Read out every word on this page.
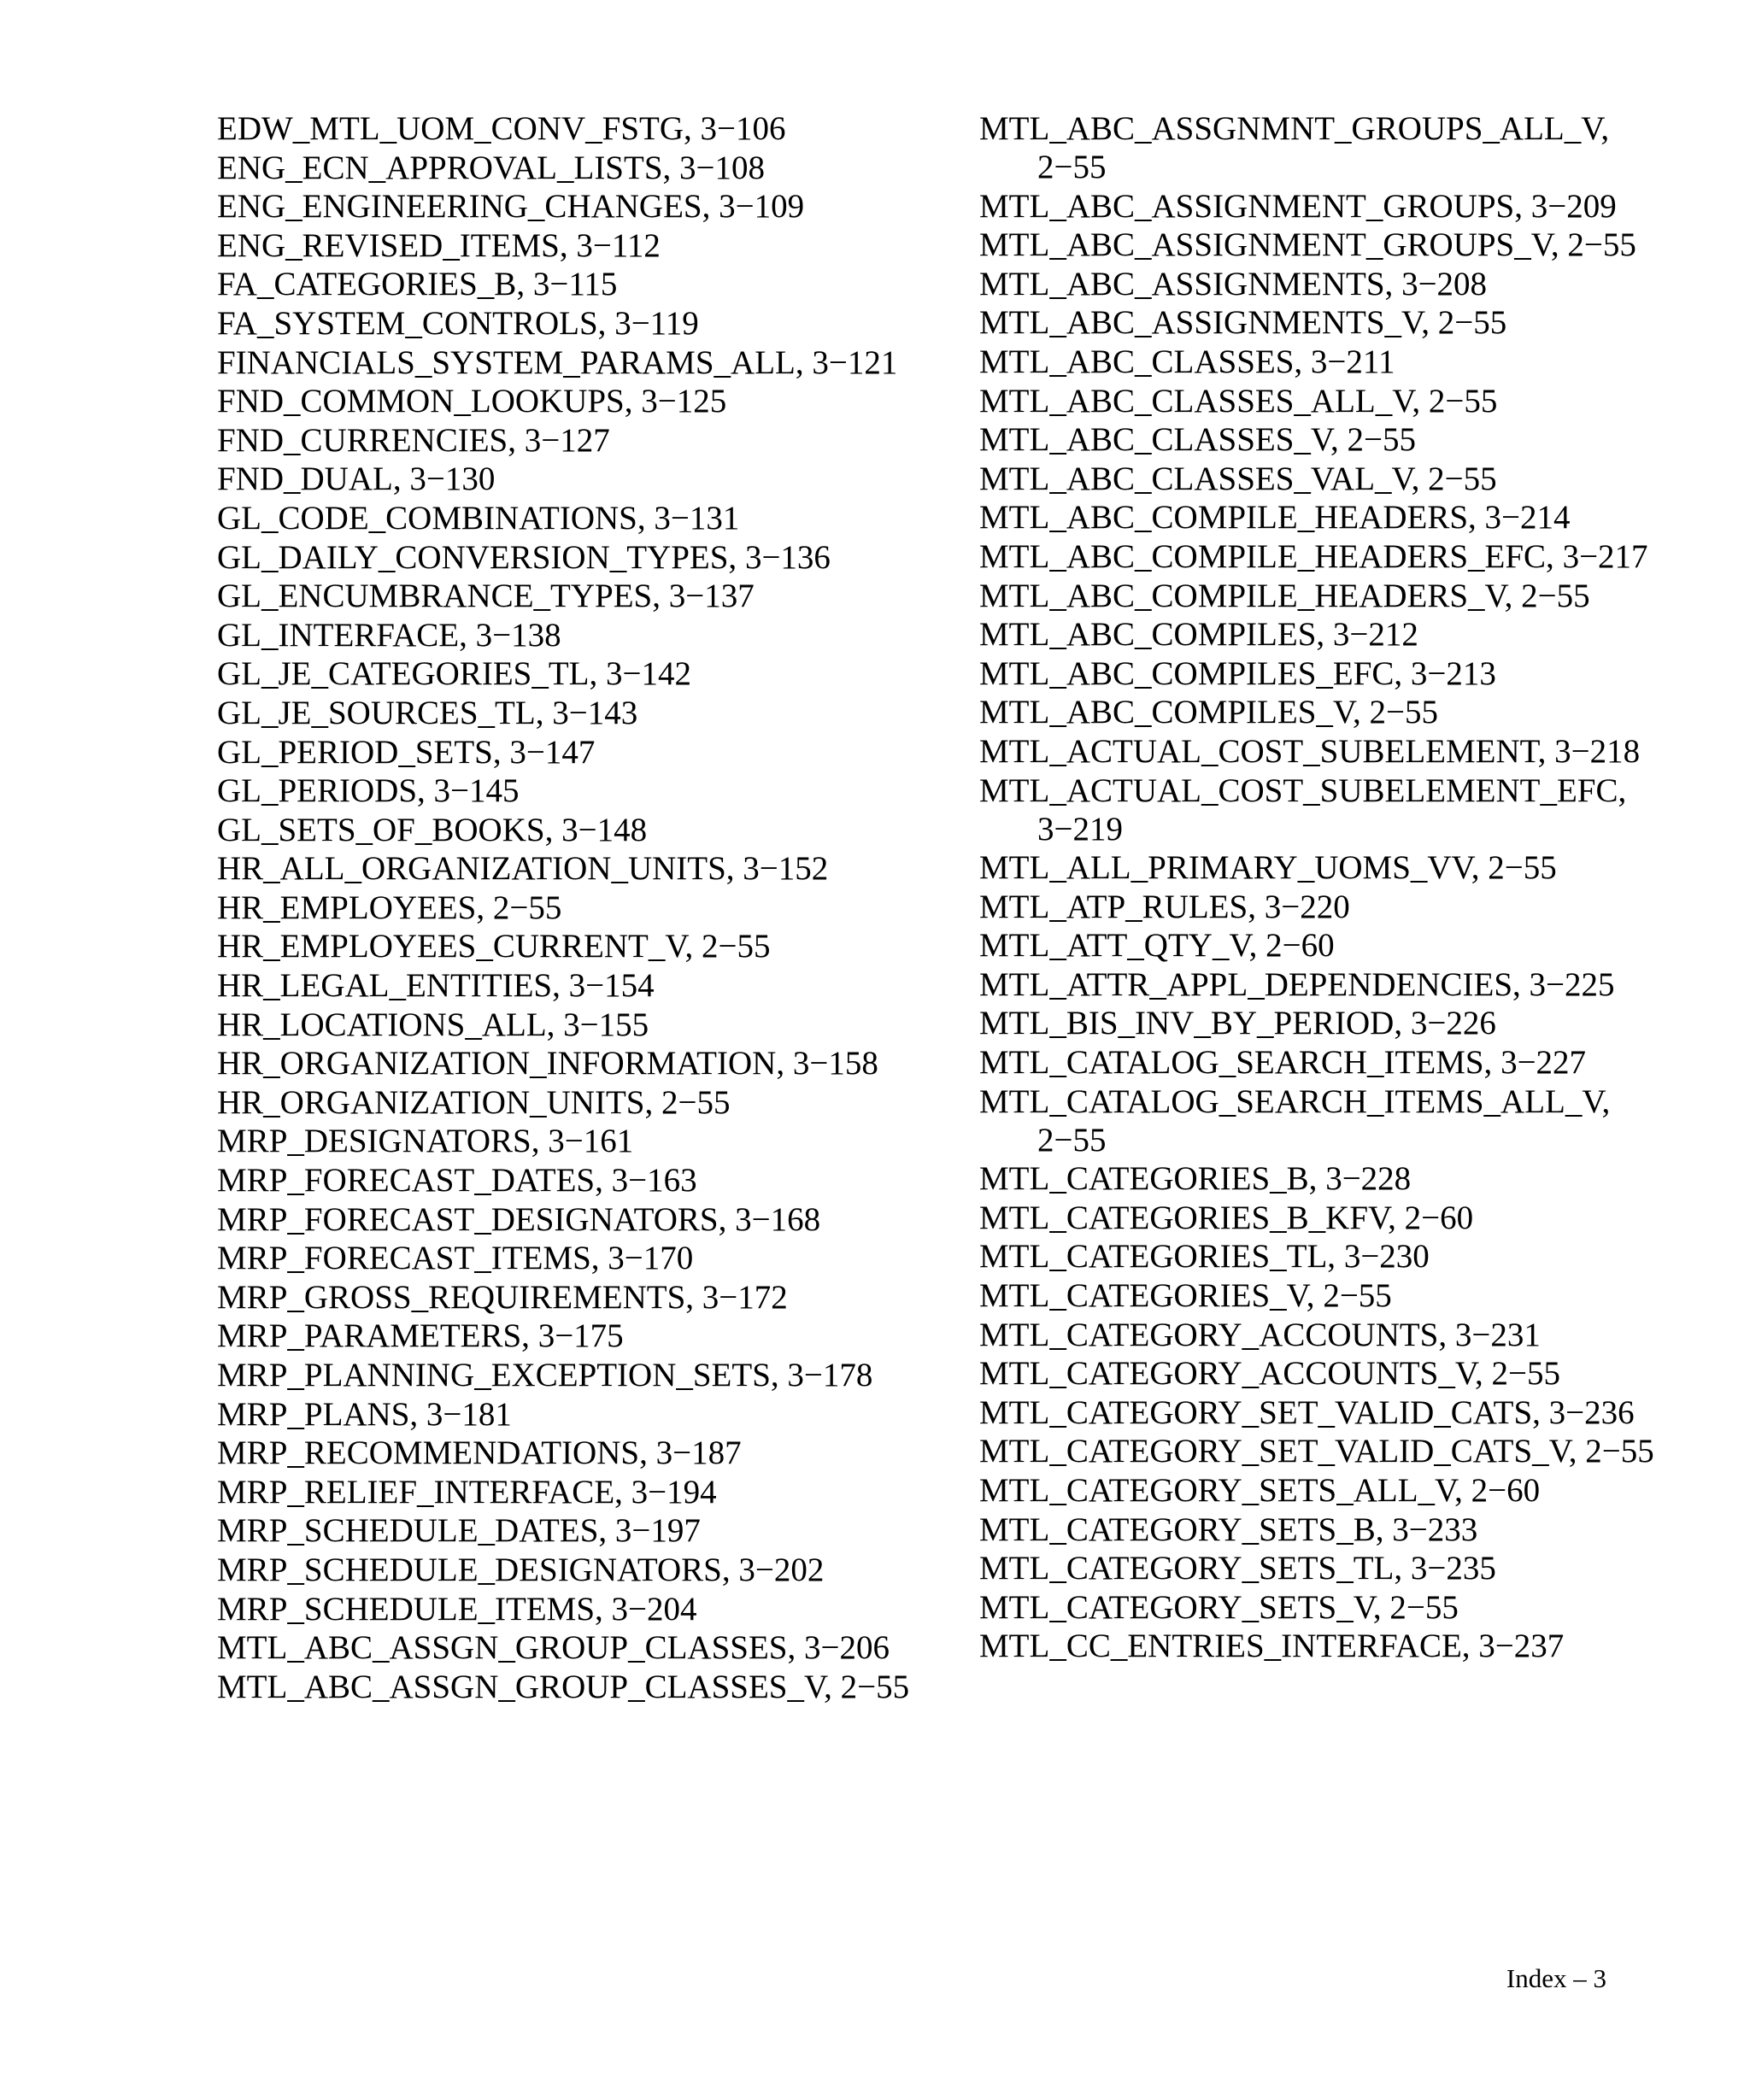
EDW_MTL_UOM_CONV_FSTG, 3−106
ENG_ECN_APPROVAL_LISTS, 3−108
ENG_ENGINEERING_CHANGES, 3−109
ENG_REVISED_ITEMS, 3−112
FA_CATEGORIES_B, 3−115
FA_SYSTEM_CONTROLS, 3−119
FINANCIALS_SYSTEM_PARAMS_ALL, 3−121
FND_COMMON_LOOKUPS, 3−125
FND_CURRENCIES, 3−127
FND_DUAL, 3−130
GL_CODE_COMBINATIONS, 3−131
GL_DAILY_CONVERSION_TYPES, 3−136
GL_ENCUMBRANCE_TYPES, 3−137
GL_INTERFACE, 3−138
GL_JE_CATEGORIES_TL, 3−142
GL_JE_SOURCES_TL, 3−143
GL_PERIOD_SETS, 3−147
GL_PERIODS, 3−145
GL_SETS_OF_BOOKS, 3−148
HR_ALL_ORGANIZATION_UNITS, 3−152
HR_EMPLOYEES, 2−55
HR_EMPLOYEES_CURRENT_V, 2−55
HR_LEGAL_ENTITIES, 3−154
HR_LOCATIONS_ALL, 3−155
HR_ORGANIZATION_INFORMATION, 3−158
HR_ORGANIZATION_UNITS, 2−55
MRP_DESIGNATORS, 3−161
MRP_FORECAST_DATES, 3−163
MRP_FORECAST_DESIGNATORS, 3−168
MRP_FORECAST_ITEMS, 3−170
MRP_GROSS_REQUIREMENTS, 3−172
MRP_PARAMETERS, 3−175
MRP_PLANNING_EXCEPTION_SETS, 3−178
MRP_PLANS, 3−181
MRP_RECOMMENDATIONS, 3−187
MRP_RELIEF_INTERFACE, 3−194
MRP_SCHEDULE_DATES, 3−197
MRP_SCHEDULE_DESIGNATORS, 3−202
MRP_SCHEDULE_ITEMS, 3−204
MTL_ABC_ASSGN_GROUP_CLASSES, 3−206
MTL_ABC_ASSGN_GROUP_CLASSES_V, 2−55
MTL_ABC_ASSGNMNT_GROUPS_ALL_V, 2−55
MTL_ABC_ASSIGNMENT_GROUPS, 3−209
MTL_ABC_ASSIGNMENT_GROUPS_V, 2−55
MTL_ABC_ASSIGNMENTS, 3−208
MTL_ABC_ASSIGNMENTS_V, 2−55
MTL_ABC_CLASSES, 3−211
MTL_ABC_CLASSES_ALL_V, 2−55
MTL_ABC_CLASSES_V, 2−55
MTL_ABC_CLASSES_VAL_V, 2−55
MTL_ABC_COMPILE_HEADERS, 3−214
MTL_ABC_COMPILE_HEADERS_EFC, 3−217
MTL_ABC_COMPILE_HEADERS_V, 2−55
MTL_ABC_COMPILES, 3−212
MTL_ABC_COMPILES_EFC, 3−213
MTL_ABC_COMPILES_V, 2−55
MTL_ACTUAL_COST_SUBELEMENT, 3−218
MTL_ACTUAL_COST_SUBELEMENT_EFC, 3−219
MTL_ALL_PRIMARY_UOMS_VV, 2−55
MTL_ATP_RULES, 3−220
MTL_ATT_QTY_V, 2−60
MTL_ATTR_APPL_DEPENDENCIES, 3−225
MTL_BIS_INV_BY_PERIOD, 3−226
MTL_CATALOG_SEARCH_ITEMS, 3−227
MTL_CATALOG_SEARCH_ITEMS_ALL_V, 2−55
MTL_CATEGORIES_B, 3−228
MTL_CATEGORIES_B_KFV, 2−60
MTL_CATEGORIES_TL, 3−230
MTL_CATEGORIES_V, 2−55
MTL_CATEGORY_ACCOUNTS, 3−231
MTL_CATEGORY_ACCOUNTS_V, 2−55
MTL_CATEGORY_SET_VALID_CATS, 3−236
MTL_CATEGORY_SET_VALID_CATS_V, 2−55
MTL_CATEGORY_SETS_ALL_V, 2−60
MTL_CATEGORY_SETS_B, 3−233
MTL_CATEGORY_SETS_TL, 3−235
MTL_CATEGORY_SETS_V, 2−55
MTL_CC_ENTRIES_INTERFACE, 3−237
Index – 3
